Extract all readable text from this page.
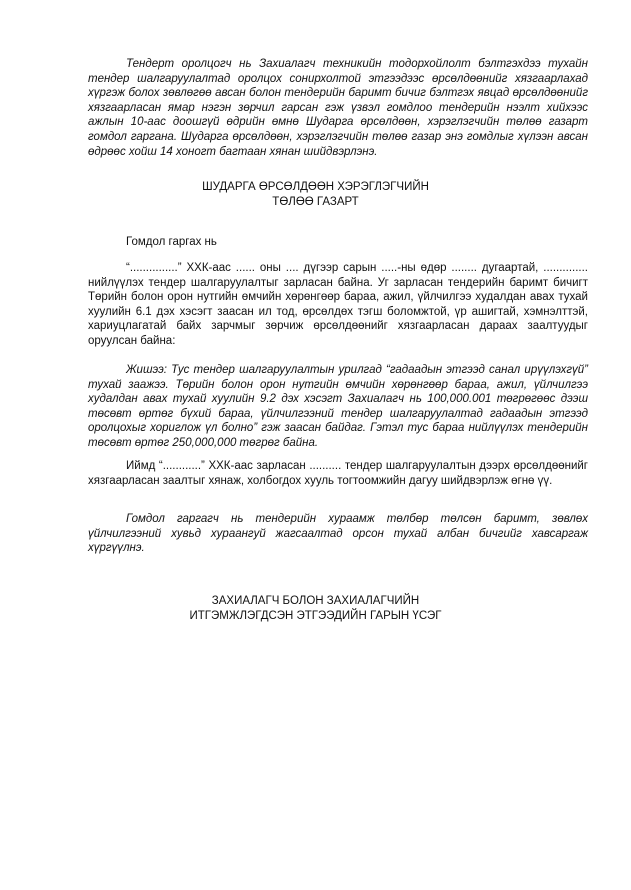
Тендерт оролцогч нь Захиалагч техникийн тодорхойлолт бэлтгэхдээ тухайн тендер шалгаруулалтад оролцох сонирхолтой этгээдээс өрсөлдөөнийг хязгаарлахад хүргэж болох зөвлөгөө авсан болон тендерийн баримт бичиг бэлтгэх явцад өрсөлдөөнийг хязгаарласан ямар нэгэн зөрчил гарсан гэж үзвэл гомдлоо тендерийн нээлт хийхээс ажлын 10-аас доошгүй өдрийн өмнө Шударга өрсөлдөөн, хэрэглэгчийн төлөө газарт гомдол гаргана. Шударга өрсөлдөөн, хэрэглэгчийн төлөө газар энэ гомдлыг хүлээн авсан өдрөөс хойш 14 хоногт багтаан хянан шийдвэрлэнэ.

ШУДАРГА ӨРСӨЛДӨӨН ХЭРЭГЛЭГЧИЙН
ТӨЛӨӨ ГАЗАРТ

Гомдол гаргах нь

“...............” ХХК-аас ...... оны .... дүгээр сарын .....-ны өдөр ........ дугаартай, .............. нийлүүлэх тендер шалгаруулалтыг зарласан байна. Уг зарласан тендерийн баримт бичигт Төрийн болон орон нутгийн өмчийн хөрөнгөөр бараа, ажил, үйлчилгээ худалдан авах тухай хуулийн 6.1 дэх хэсэгт заасан ил тод, өрсөлдөх тэгш боломжтой, үр ашигтай, хэмнэлттэй, хариуцлагатай байх зарчмыг зөрчиж өрсөлдөөнийг хязгаарласан дараах заалтуудыг оруулсан байна:

Жишээ: Тус тендер шалгаруулалтын урилгад “гадаадын этгээд санал ирүүлэхгүй” тухай заажээ. Төрийн болон орон нутгийн өмчийн хөрөнгөөр бараа, ажил, үйлчилгээ худалдан авах тухай хуулийн 9.2 дэх хэсэгт Захиалагч нь 100,000.001 төгрөгөөс дээш төсөвт өртөг бүхий бараа, үйлчилгээний тендер шалгаруулалтад гадаадын этгээд оролцохыг хориглож үл болно” гэж заасан байдаг. Гэтэл тус бараа нийлүүлэх тендерийн төсөвт өртөг 250,000,000 төгрөг байна.

Иймд “............” ХХК-аас зарласан .......... тендер шалгаруулалтын дээрх өрсөлдөөнийг хязгаарласан заалтыг хянаж, холбогдох хууль тогтоомжийн дагуу шийдвэрлэж өгнө үү.

Гомдол гаргагч нь тендерийн хураамж төлбөр төлсөн баримт, зөвлөх үйлчилгээний хувьд хураангуй жагсаалтад орсон тухай албан бичгийг хавсаргаж хүргүүлнэ.

ЗАХИАЛАГЧ БОЛОН ЗАХИАЛАГЧИЙН
ИТГЭМЖЛЭГДСЭН ЭТГЭЭДИЙН ГАРЫН ҮСЭГ
